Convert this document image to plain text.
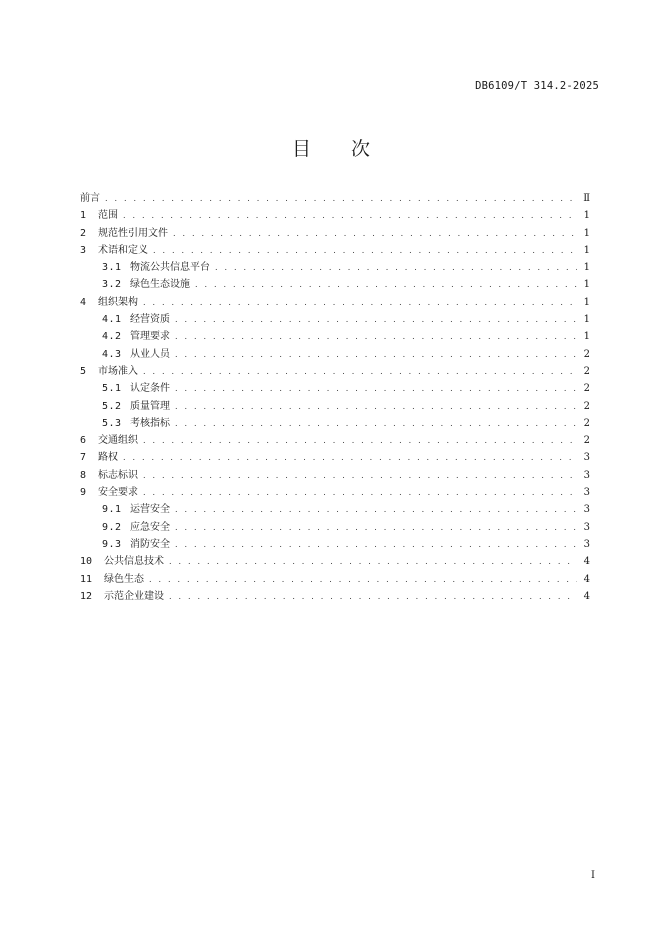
DB6109/T 314.2-2025
目 次
前言 . . .	Ⅱ
1	范围 . . .	1
2	规范性引用文件 . . .	1
3	术语和定义 . . .	1
3.1 物流公共信息平台 . . .	1
3.2 绿色生态设施 . . .	1
4	组织架构 . . .	1
4.1 经营资质 . . .	1
4.2 管理要求 . . .	1
4.3 从业人员 . . .	2
5	市场准入 . . .	2
5.1 认定条件 . . .	2
5.2 质量管理 . . .	2
5.3 考核指标 . . .	2
6	交通组织 . . .	2
7	路权 . . .	3
8	标志标识 . . .	3
9	安全要求 . . .	3
9.1 运营安全 . . .	3
9.2 应急安全 . . .	3
9.3 消防安全 . . .	3
10	公共信息技术 . . .	4
11	绿色生态 . . .	4
12	示范企业建设 . . .	4
I
